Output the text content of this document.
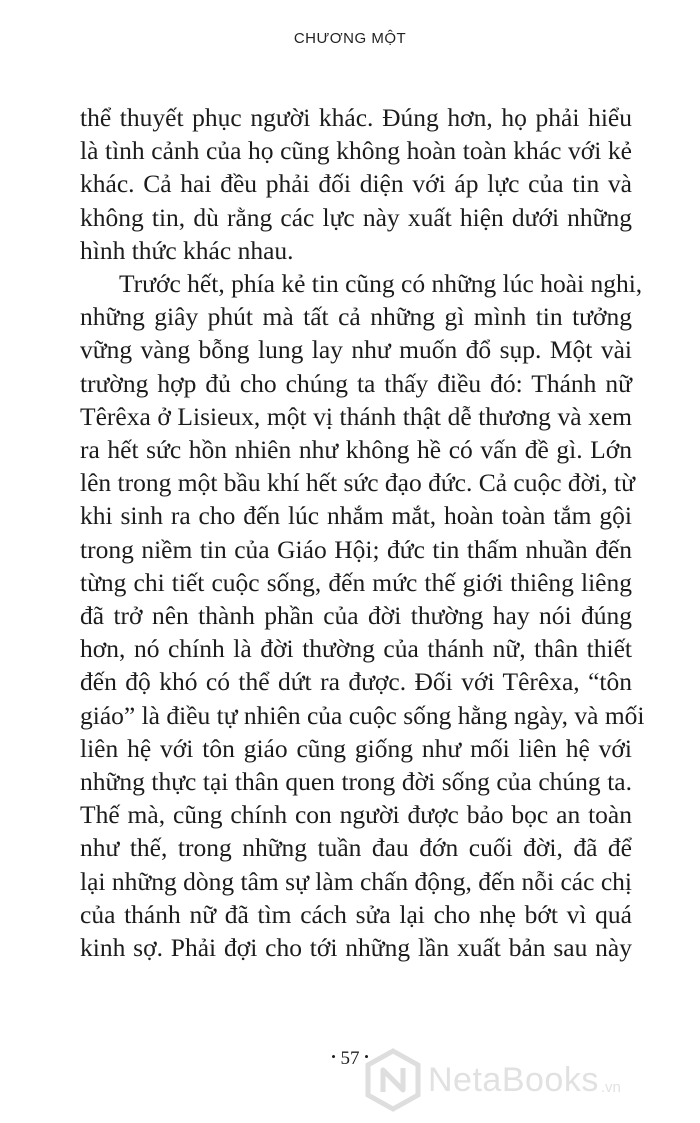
CHƯƠNG MỘT
thể thuyết phục người khác. Đúng hơn, họ phải hiểu
là tình cảnh của họ cũng không hoàn toàn khác với kẻ
khác. Cả hai đều phải đối diện với áp lực của tin và
không tin, dù rằng các lực này xuất hiện dưới những
hình thức khác nhau.
Trước hết, phía kẻ tin cũng có những lúc hoài nghi,
những giây phút mà tất cả những gì mình tin tưởng
vững vàng bỗng lung lay như muốn đổ sụp. Một vài
trường hợp đủ cho chúng ta thấy điều đó: Thánh nữ
Têrêxa ở Lisieux, một vị thánh thật dễ thương và xem
ra hết sức hồn nhiên như không hề có vấn đề gì. Lớn
lên trong một bầu khí hết sức đạo đức. Cả cuộc đời, từ
khi sinh ra cho đến lúc nhắm mắt, hoàn toàn tắm gội
trong niềm tin của Giáo Hội; đức tin thấm nhuần đến
từng chi tiết cuộc sống, đến mức thế giới thiêng liêng
đã trở nên thành phần của đời thường hay nói đúng
hơn, nó chính là đời thường của thánh nữ, thân thiết
đến độ khó có thể dứt ra được. Đối với Têrêxa, “tôn
giáo” là điều tự nhiên của cuộc sống hằng ngày, và mối
liên hệ với tôn giáo cũng giống như mối liên hệ với
những thực tại thân quen trong đời sống của chúng ta.
Thế mà, cũng chính con người được bảo bọc an toàn
như thế, trong những tuần đau đớn cuối đời, đã để
lại những dòng tâm sự làm chấn động, đến nỗi các chị
của thánh nữ đã tìm cách sửa lại cho nhẹ bớt vì quá
kinh sợ. Phải đợi cho tới những lần xuất bản sau này
• 57 •
NetaBooks .vn
